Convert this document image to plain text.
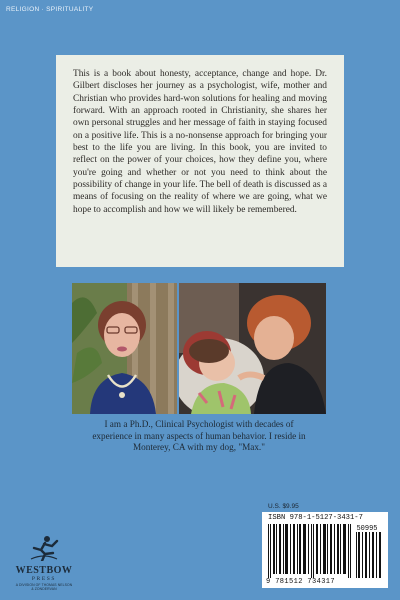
RELIGION · SPIRITUALITY
This is a book about honesty, acceptance, change and hope. Dr. Gilbert discloses her journey as a psychologist, wife, mother and Christian who provides hard-won solutions for healing and moving forward. With an approach rooted in Christianity, she shares her own personal struggles and her message of faith in staying focused on a positive life. This is a no-nonsense approach for bringing your best to the life you are living. In this book, you are invited to reflect on the power of your choices, how they define you, where you're going and whether or not you need to think about the possibility of change in your life. The bell of death is discussed as a means of focusing on the reality of where we are going, what we hope to accomplish and how we will likely be remembered.
I am a Ph.D., Clinical Psychologist with decades of experience in many aspects of human behavior. I reside in Monterey, CA with my dog, "Max."
U.S. $9.95
ISBN 978-1-5127-3431-7
50995
9 781512 734317
WESTBOW
PRESS
A DIVISION OF THOMAS NELSON
& ZONDERVAN
